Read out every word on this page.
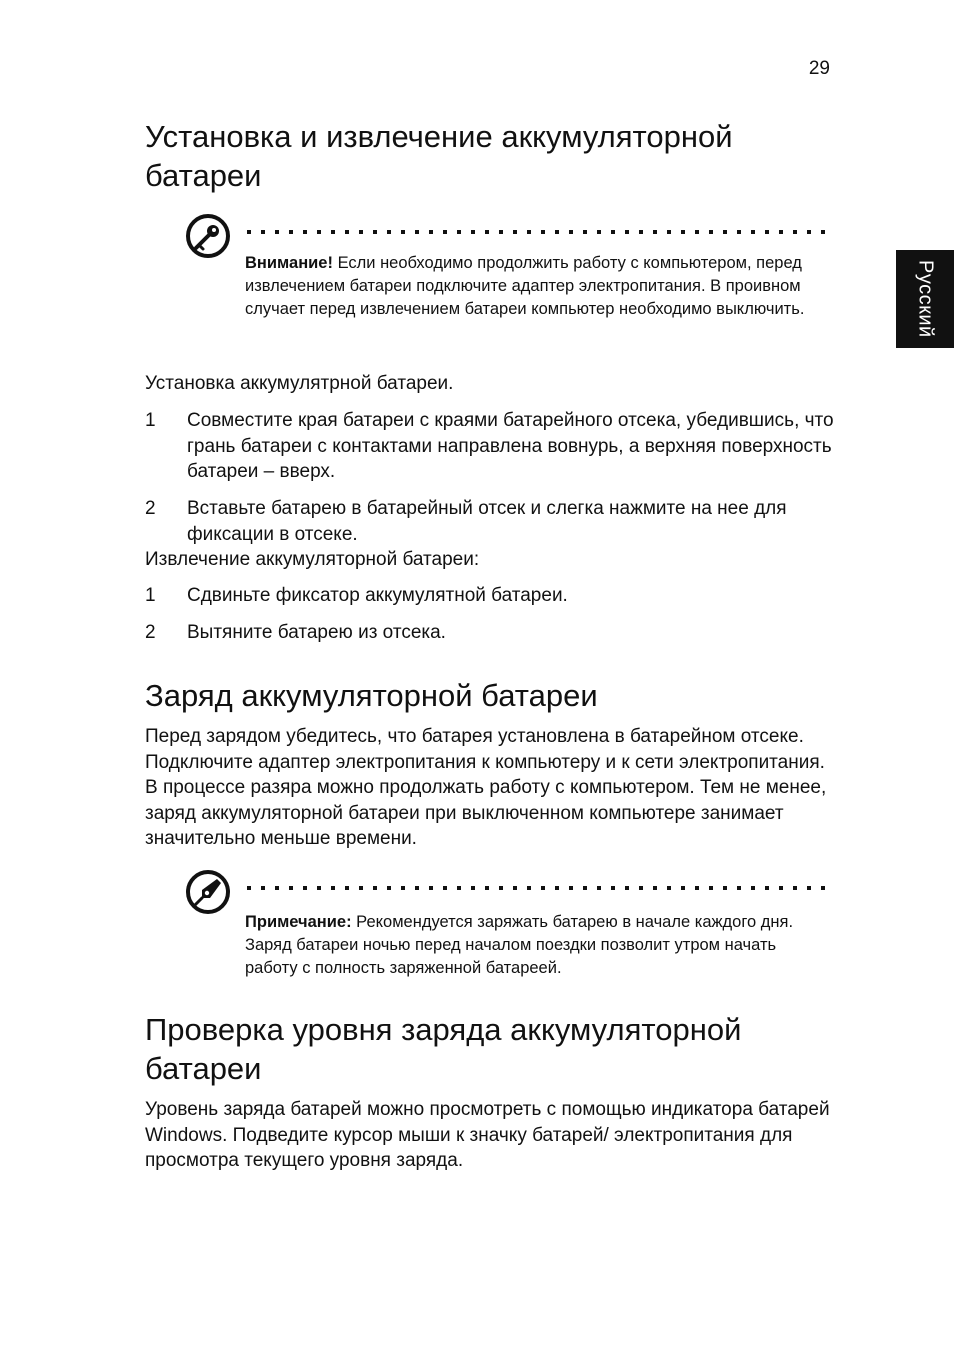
29
Русский
Установка и извлечение аккумуляторной
батареи
Внимание! Если необходимо продолжить работу с компьютером, перед извлечением батареи подключите адаптер электропитания. В проивном случает перед извлечением батареи компьютер необходимо выключить.

Установка аккумулятрной батареи.

1 Совместите края батареи с краями батарейного отсека, убедившись, что грань батареи с контактами направлена вовнурь, а верхняя поверхность батареи – вверх.
2 Вставьте батарею в батарейный отсек и слегка нажмите на нее для фиксации в отсеке.

Извлечение аккумуляторной батареи:

1 Сдвиньте фиксатор аккумулятной батареи.
2 Вытяните батарею из отсека.
Заряд аккумуляторной батареи

Перед зарядом убедитесь, что батарея установлена в батарейном отсеке. Подключите адаптер электропитания к компьютеру и к сети электропитания. В процессе разяра можно продолжать работу с компьютером. Тем не менее, заряд аккумуляторной батареи при выключенном компьютере занимает значительно меньше времени.

Примечание: Рекомендуется заряжать батарею в начале каждого дня. Заряд батареи ночью перед началом поездки позволит утром начать работу с полность заряженной батареей.
Проверка уровня заряда аккумуляторной
батареи

Уровень заряда батарей можно просмотреть с помощью индикатора батарей Windows. Подведите курсор мыши к значку батарей/ электропитания для просмотра текущего уровня заряда.
